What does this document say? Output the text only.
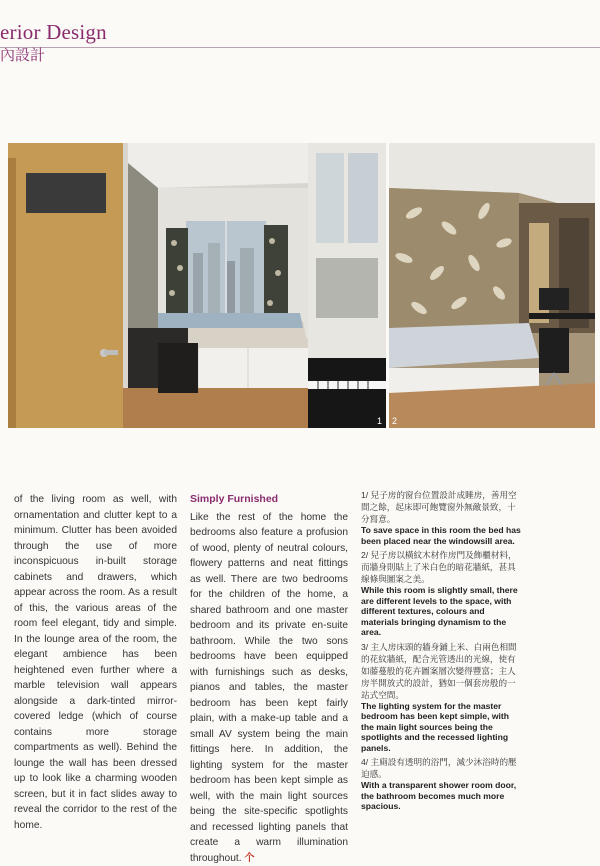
erior Design
內設計
1 2

of the living room as well, with ornamentation and clutter kept to a minimum. Clutter has been avoided through the use of more inconspicuous in-built storage cabinets and drawers, which appear across the room. As a result of this, the various areas of the room feel elegant, tidy and simple. In the lounge area of the room, the elegant ambience has been heightened even further where a marble television wall appears alongside a dark-tinted mirror-covered ledge (which of course contains more storage compartments as well). Behind the lounge the wall has been dressed up to look like a charming wooden screen, but it in fact slides away to reveal the corridor to the rest of the home.

Simply Furnished

Like the rest of the home the bedrooms also feature a profusion of wood, plenty of neutral colours, flowery patterns and neat fittings as well. There are two bedrooms for the children of the home, a shared bathroom and one master bedroom and its private en-suite bathroom. While the two sons bedrooms have been equipped with furnishings such as desks, pianos and tables, the master bedroom has been kept fairly plain, with a make-up table and a small AV system being the main fittings here. In addition, the lighting system for the master bedroom has been kept simple as well, with the main light sources being the site-specific spotlights and recessed lighting panels that create a warm illumination throughout. 个

1/ 兒子房的窗台位置設計成睡房，善用空間之餘，起床即可飽覽窗外無敵景致，十分寫意。
To save space in this room the bed has been placed near the windowsill area.
2/ 兒子房以橫紋木材作房門及飾櫃材料，而牆身則貼上了米白色的暗花牆紙，甚具線條與圖案之美。
While this room is slightly small, there are different levels to the space, with different textures, colours and materials bringing dynamism to the area.
3/ 主人房床頭的牆身鋪上米、白兩色相間的花紋牆紙，配合光管透出的光線，使有如藤蔓般的花卉圖案層次變得豐富；主人房半開放式的設計，猶如一個套房般的一站式空間。
The lighting system for the master bedroom has been kept simple, with the main light sources being the spotlights and the recessed lighting panels.
4/ 主廁設有透明的浴門，減少沐浴時的壓迫感。
With a transparent shower room door, the bathroom becomes much more spacious.
